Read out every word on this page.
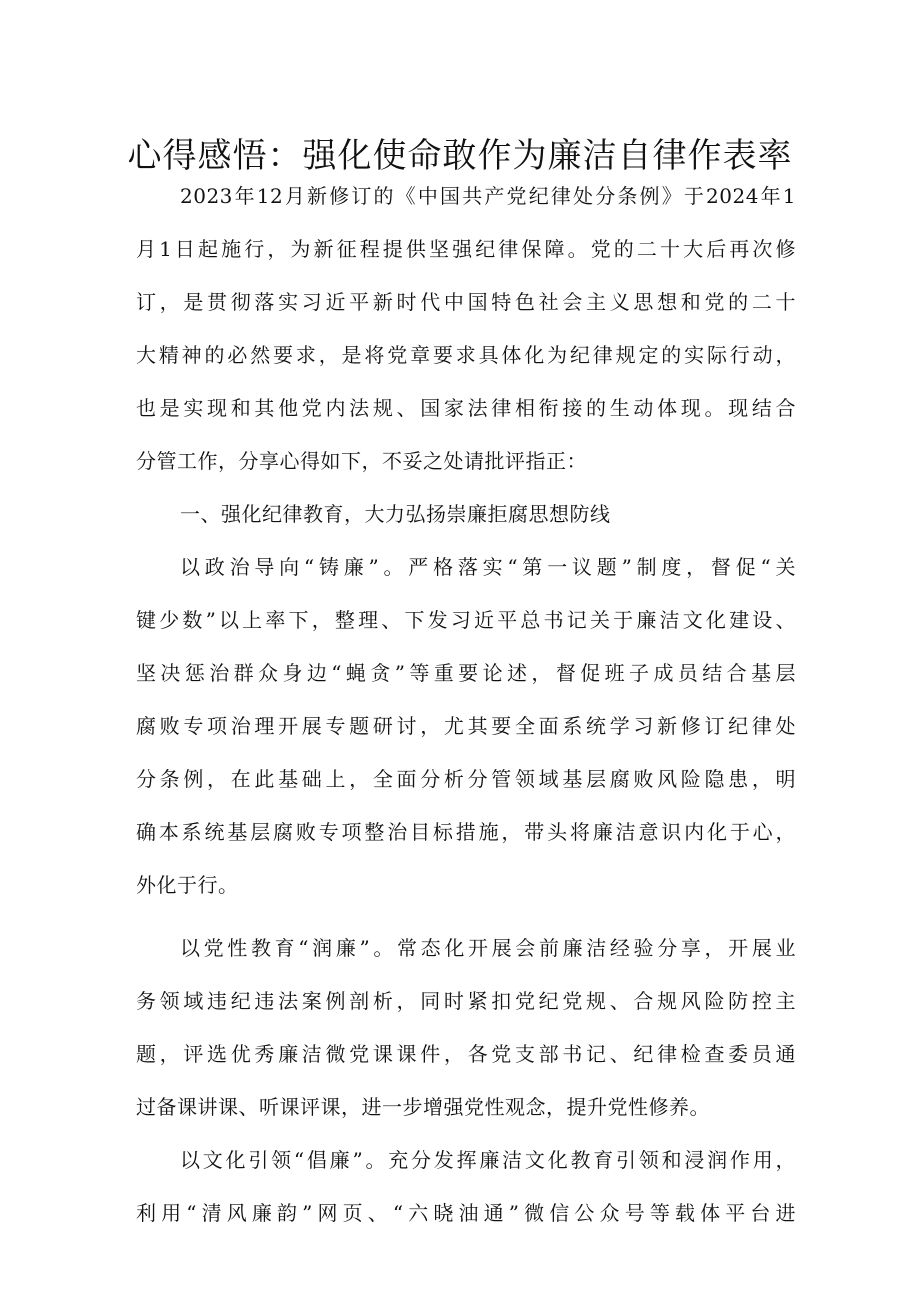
心得感悟：强化使命敢作为廉洁自律作表率
2023年12月新修订的《中国共产党纪律处分条例》于2024年1
月1日起施行，为新征程提供坚强纪律保障。党的二十大后再次修
订，是贯彻落实习近平新时代中国特色社会主义思想和党的二十
大精神的必然要求，是将党章要求具体化为纪律规定的实际行动，
也是实现和其他党内法规、国家法律相衔接的生动体现。现结合
分管工作，分享心得如下，不妥之处请批评指正：
一、强化纪律教育，大力弘扬崇廉拒腐思想防线
以政治导向“铸廉”。严格落实“第一议题”制度，督促“关
键少数”以上率下，整理、下发习近平总书记关于廉洁文化建设、
坚决惩治群众身边“蝇贪”等重要论述，督促班子成员结合基层
腐败专项治理开展专题研讨，尤其要全面系统学习新修订纪律处
分条例，在此基础上，全面分析分管领域基层腐败风险隐患，明
确本系统基层腐败专项整治目标措施，带头将廉洁意识内化于心，
外化于行。
以党性教育“润廉”。常态化开展会前廉洁经验分享，开展业
务领域违纪违法案例剖析，同时紧扣党纪党规、合规风险防控主
题，评选优秀廉洁微党课课件，各党支部书记、纪律检查委员通
过备课讲课、听课评课，进一步增强党性观念，提升党性修养。
以文化引领“倡廉”。充分发挥廉洁文化教育引领和浸润作用，
利用“清风廉韵”网页、“六晓油通”微信公众号等载体平台进
